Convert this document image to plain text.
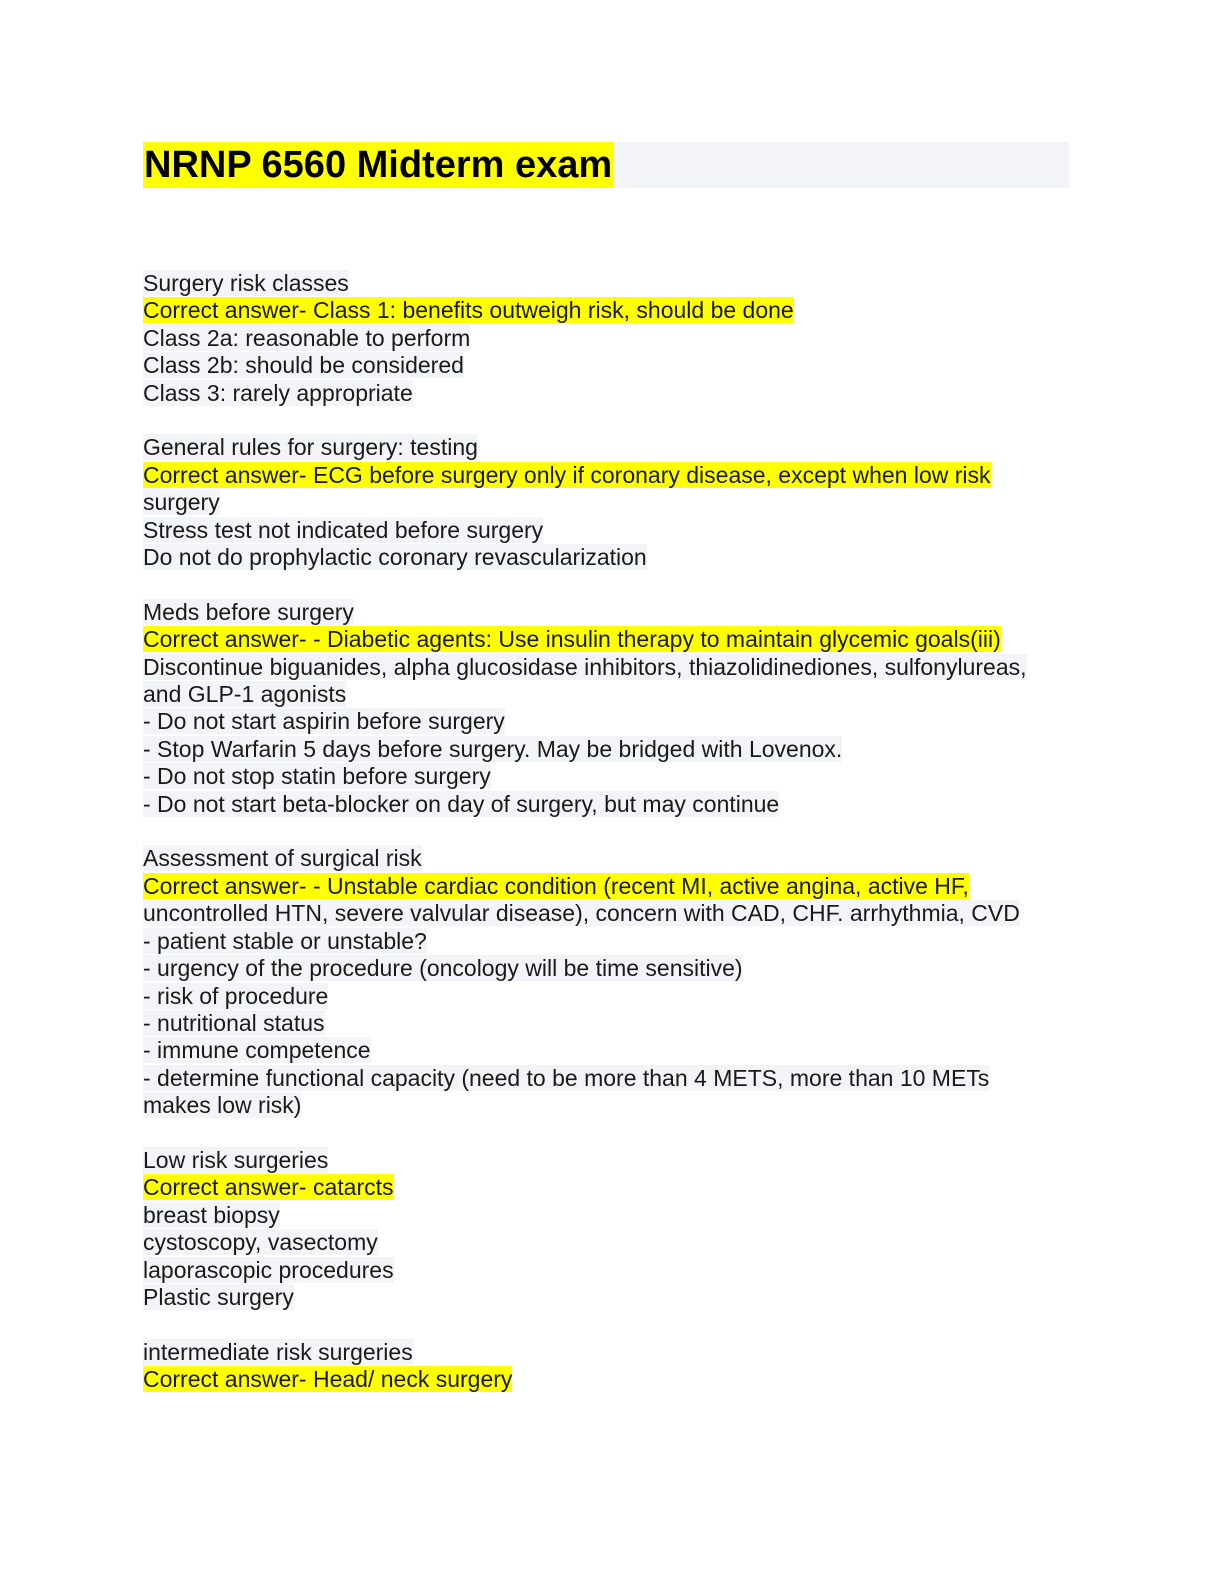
NRNP 6560 Midterm exam
Surgery risk classes
Correct answer- Class 1: benefits outweigh risk, should be done
Class 2a: reasonable to perform
Class 2b: should be considered
Class 3: rarely appropriate
General rules for surgery: testing
Correct answer- ECG before surgery only if coronary disease, except when low risk
surgery
Stress test not indicated before surgery
Do not do prophylactic coronary revascularization
Meds before surgery
Correct answer- - Diabetic agents: Use insulin therapy to maintain glycemic goals(iii)
Discontinue biguanides, alpha glucosidase inhibitors, thiazolidinediones, sulfonylureas,
and GLP-1 agonists
- Do not start aspirin before surgery
- Stop Warfarin 5 days before surgery. May be bridged with Lovenox.
- Do not stop statin before surgery
- Do not start beta-blocker on day of surgery, but may continue
Assessment of surgical risk
Correct answer- - Unstable cardiac condition (recent MI, active angina, active HF,
uncontrolled HTN, severe valvular disease), concern with CAD, CHF. arrhythmia, CVD
- patient stable or unstable?
- urgency of the procedure (oncology will be time sensitive)
- risk of procedure
- nutritional status
- immune competence
- determine functional capacity (need to be more than 4 METS, more than 10 METs
makes low risk)
Low risk surgeries
Correct answer- catarcts
breast biopsy
cystoscopy, vasectomy
laporascopic procedures
Plastic surgery
intermediate risk surgeries
Correct answer- Head/ neck surgery
